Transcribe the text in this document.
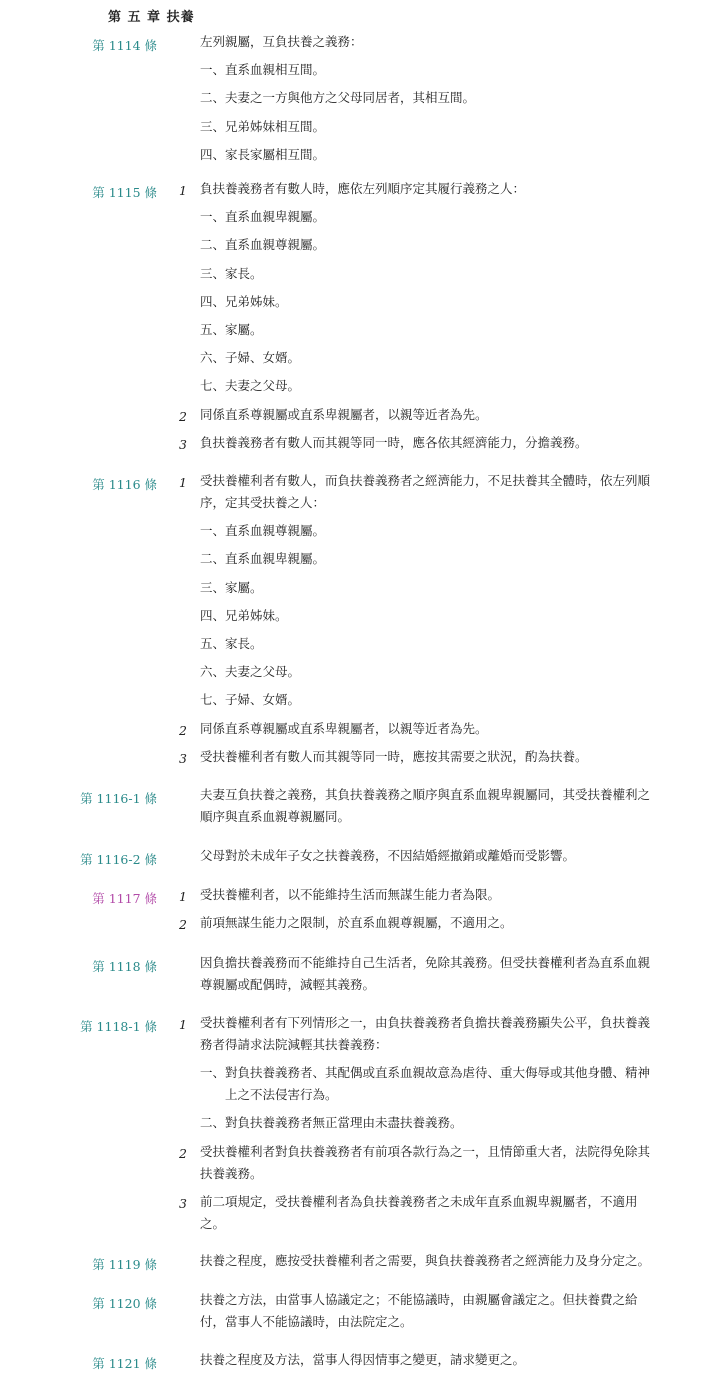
第 五 章 扶養
第 1114 條	左列親屬，互負扶養之義務：
一、直系血親相互間。
二、夫妻之一方與他方之父母同居者，其相互間。
三、兄弟姊妹相互間。
四、家長家屬相互間。
第 1115 條	1 負扶養義務者有數人時，應依左列順序定其履行義務之人：
一、直系血親卑親屬。
二、直系血親尊親屬。
三、家長。
四、兄弟姊妹。
五、家屬。
六、子婦、女婿。
七、夫妻之父母。
2 同係直系尊親屬或直系卑親屬者，以親等近者為先。
3 負扶養義務者有數人而其親等同一時，應各依其經濟能力，分擔義務。
第 1116 條	1 受扶養權利者有數人，而負扶養義務者之經濟能力，不足扶養其全體時，依左列順
序，定其受扶養之人：
一、直系血親尊親屬。
二、直系血親卑親屬。
三、家屬。
四、兄弟姊妹。
五、家長。
六、夫妻之父母。
七、子婦、女婿。
2 同係直系尊親屬或直系卑親屬者，以親等近者為先。
3 受扶養權利者有數人而其親等同一時，應按其需要之狀況，酌為扶養。
第 1116-1 條	夫妻互負扶養之義務，其負扶養義務之順序與直系血親卑親屬同，其受扶養權利之
順序與直系血親尊親屬同。
第 1116-2 條	父母對於未成年子女之扶養義務，不因結婚經撤銷或離婚而受影響。
第 1117 條	1 受扶養權利者，以不能維持生活而無謀生能力者為限。
2 前項無謀生能力之限制，於直系血親尊親屬，不適用之。
第 1118 條	因負擔扶養義務而不能維持自己生活者，免除其義務。但受扶養權利者為直系血親
尊親屬或配偶時，減輕其義務。
第 1118-1 條	1 受扶養權利者有下列情形之一，由負扶養義務者負擔扶養義務顯失公平，負扶養義
務者得請求法院減輕其扶養義務：
一、對負扶養義務者、其配偶或直系血親故意為虐待、重大侮辱或其他身體、精神
　　上之不法侵害行為。
二、對負扶養義務者無正當理由未盡扶養義務。
2 受扶養權利者對負扶養義務者有前項各款行為之一，且情節重大者，法院得免除其
扶養義務。
3 前二項規定，受扶養權利者為負扶養義務者之未成年直系血親卑親屬者，不適用
之。
第 1119 條	扶養之程度，應按受扶養權利者之需要，與負扶養義務者之經濟能力及身分定之。
第 1120 條	扶養之方法，由當事人協議定之；不能協議時，由親屬會議定之。但扶養費之給
付，當事人不能協議時，由法院定之。
第 1121 條	扶養之程度及方法，當事人得因情事之變更，請求變更之。
